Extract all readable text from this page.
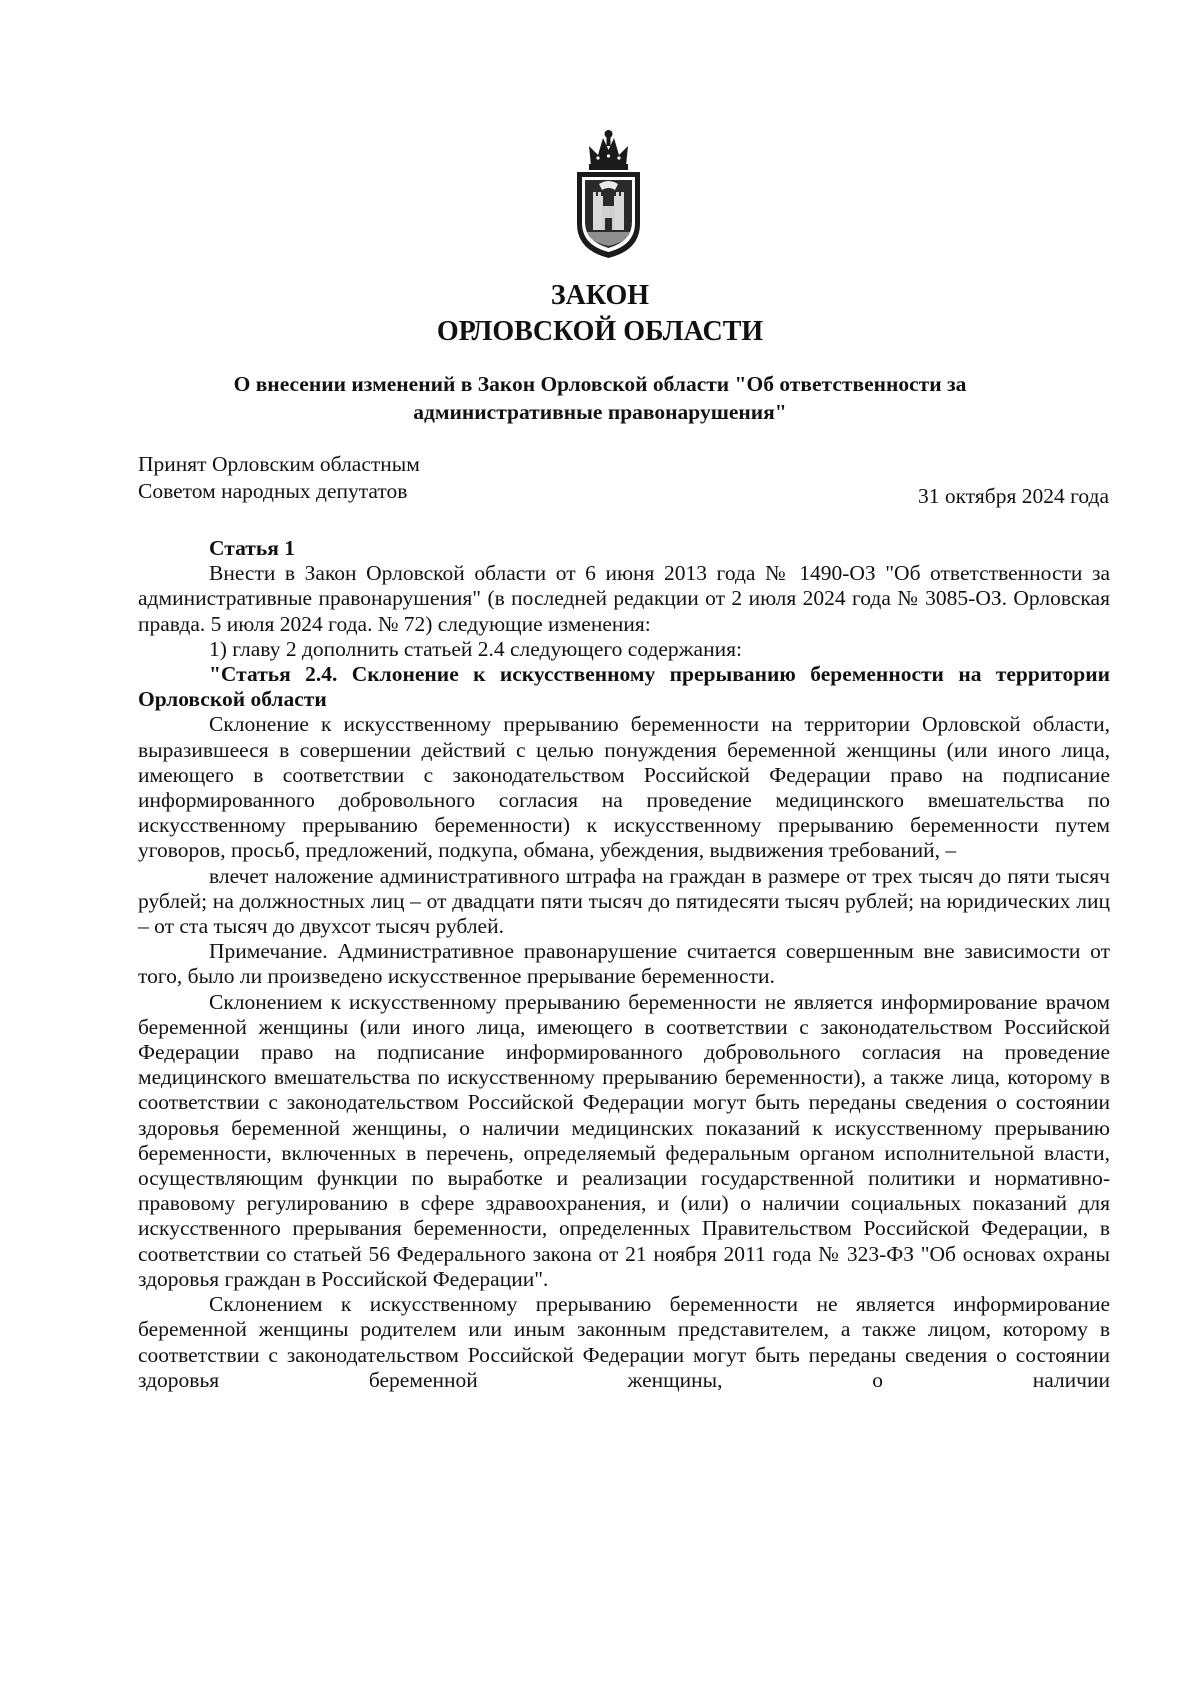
ЗАКОН
ОРЛОВСКОЙ ОБЛАСТИ

О внесении изменений в Закон Орловской области "Об ответственности за административные правонарушения"

Принят Орловским областным
Советом народных депутатов	31 октября 2024 года

Статья 1

Внести в Закон Орловской области от 6 июня 2013 года № 1490-ОЗ "Об ответственности за административные правонарушения" (в последней редакции от 2 июля 2024 года № 3085-ОЗ. Орловская правда. 5 июля 2024 года. № 72) следующие изменения:

1) главу 2 дополнить статьей 2.4 следующего содержания:

"Статья 2.4. Склонение к искусственному прерыванию беременности на территории Орловской области

Склонение к искусственному прерыванию беременности на территории Орловской области, выразившееся в совершении действий с целью понуждения беременной женщины (или иного лица, имеющего в соответствии с законодательством Российской Федерации право на подписание информированного добровольного согласия на проведение медицинского вмешательства по искусственному прерыванию беременности) к искусственному прерыванию беременности путем уговоров, просьб, предложений, подкупа, обмана, убеждения, выдвижения требований, –

влечет наложение административного штрафа на граждан в размере от трех тысяч до пяти тысяч рублей; на должностных лиц – от двадцати пяти тысяч до пятидесяти тысяч рублей; на юридических лиц – от ста тысяч до двухсот тысяч рублей.

Примечание. Административное правонарушение считается совершенным вне зависимости от того, было ли произведено искусственное прерывание беременности.

Склонением к искусственному прерыванию беременности не является информирование врачом беременной женщины (или иного лица, имеющего в соответствии с законодательством Российской Федерации право на подписание информированного добровольного согласия на проведение медицинского вмешательства по искусственному прерыванию беременности), а также лица, которому в соответствии с законодательством Российской Федерации могут быть переданы сведения о состоянии здоровья беременной женщины, о наличии медицинских показаний к искусственному прерыванию беременности, включенных в перечень, определяемый федеральным органом исполнительной власти, осуществляющим функции по выработке и реализации государственной политики и нормативно-правовому регулированию в сфере здравоохранения, и (или) о наличии социальных показаний для искусственного прерывания беременности, определенных Правительством Российской Федерации, в соответствии со статьей 56 Федерального закона от 21 ноября 2011 года № 323-ФЗ "Об основах охраны здоровья граждан в Российской Федерации".

Склонением к искусственному прерыванию беременности не является информирование беременной женщины родителем или иным законным представителем, а также лицом, которому в соответствии с законодательством Российской Федерации могут быть переданы сведения о состоянии здоровья беременной женщины, о наличии
